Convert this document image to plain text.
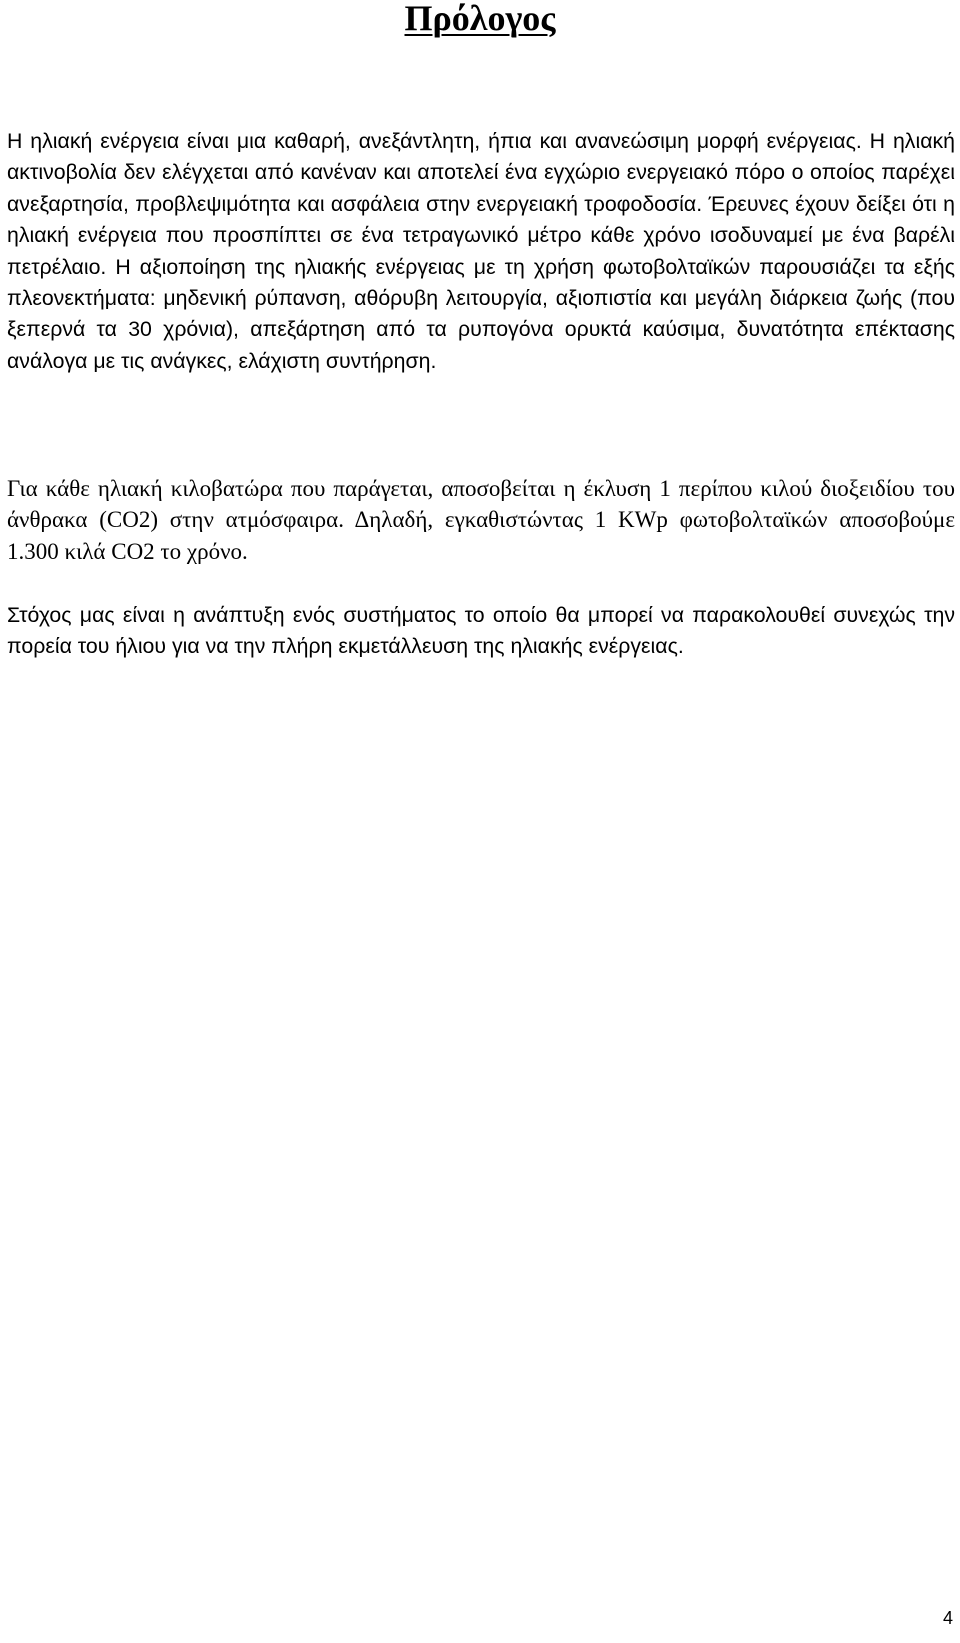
Πρόλογος

Η ηλιακή ενέργεια είναι μια καθαρή, ανεξάντλητη, ήπια και ανανεώσιμη μορφή ενέργειας. Η ηλιακή ακτινοβολία δεν ελέγχεται από κανέναν και αποτελεί ένα εγχώριο ενεργειακό πόρο ο οποίος παρέχει ανεξαρτησία, προβλεψιμότητα και ασφάλεια στην ενεργειακή τροφοδοσία. Έρευνες έχουν δείξει ότι η ηλιακή ενέργεια που προσπίπτει σε ένα τετραγωνικό μέτρο κάθε χρόνο ισοδυναμεί με ένα βαρέλι πετρέλαιο. Η αξιοποίηση της ηλιακής ενέργειας με τη χρήση φωτοβολταϊκών παρουσιάζει τα εξής πλεονεκτήματα: μηδενική ρύπανση, αθόρυβη λειτουργία, αξιοπιστία και μεγάλη διάρκεια ζωής (που ξεπερνά τα 30 χρόνια), απεξάρτηση από τα ρυπογόνα ορυκτά καύσιμα, δυνατότητα επέκτασης ανάλογα με τις ανάγκες, ελάχιστη συντήρηση.

Για κάθε ηλιακή κιλοβατώρα που παράγεται, αποσοβείται η έκλυση 1 περίπου κιλού διοξειδίου του άνθρακα (CO2) στην ατμόσφαιρα. Δηλαδή, εγκαθιστώντας 1 KWp φωτοβολταϊκών αποσοβούμε 1.300 κιλά CO2 το χρόνο.

Στόχος μας είναι η ανάπτυξη ενός συστήματος το οποίο θα μπορεί να παρακολουθεί συνεχώς την πορεία του ήλιου για να την πλήρη εκμετάλλευση της ηλιακής ενέργειας.

4
